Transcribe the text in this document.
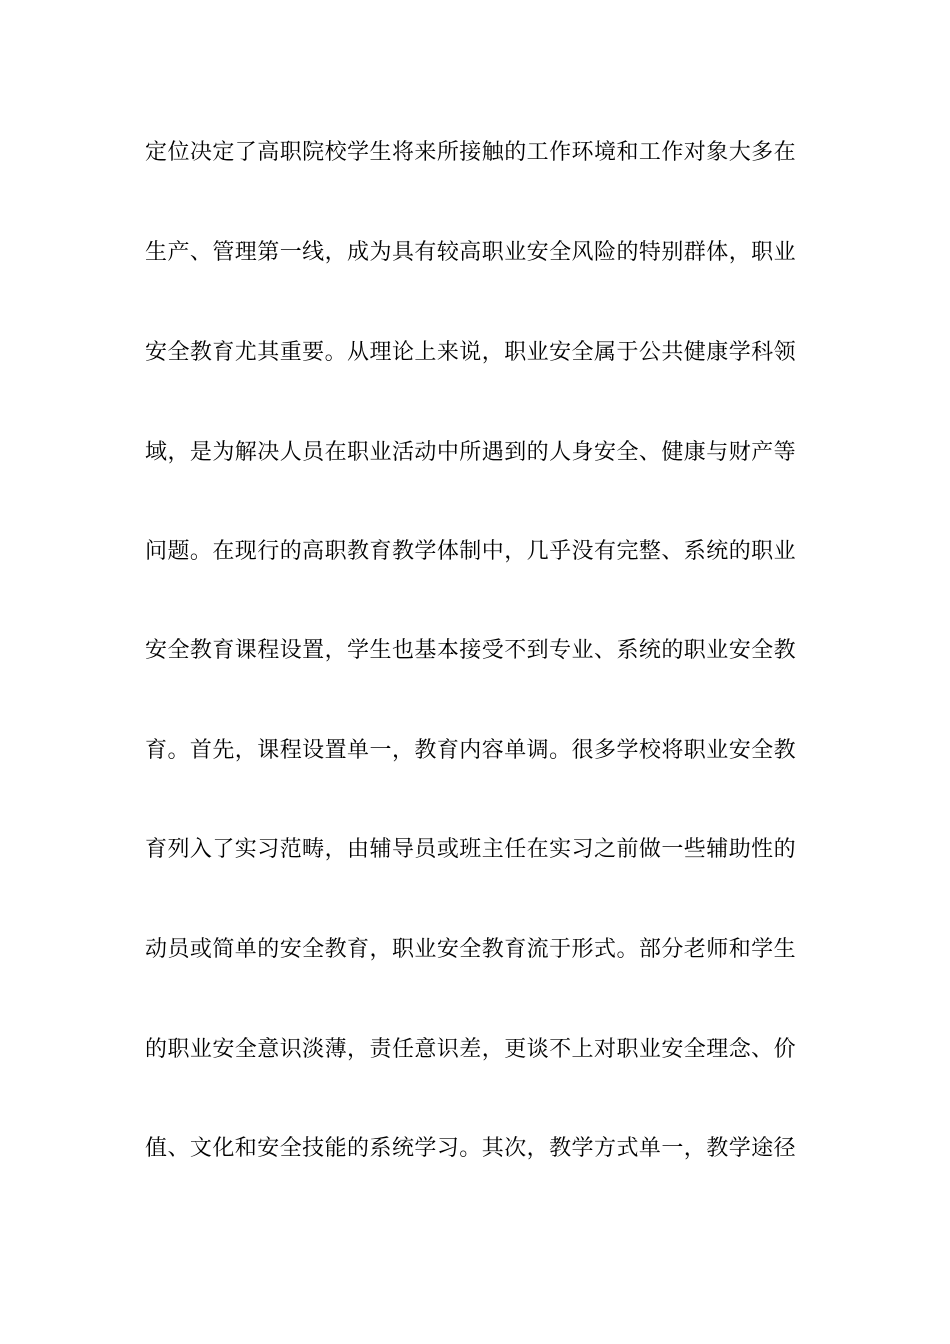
定位决定了高职院校学生将来所接触的工作环境和工作对象大多在
生产、管理第一线，成为具有较高职业安全风险的特别群体，职业
安全教育尤其重要。从理论上来说，职业安全属于公共健康学科领
域，是为解决人员在职业活动中所遇到的人身安全、健康与财产等
问题。在现行的高职教育教学体制中，几乎没有完整、系统的职业
安全教育课程设置，学生也基本接受不到专业、系统的职业安全教
育。首先，课程设置单一，教育内容单调。很多学校将职业安全教
育列入了实习范畴，由辅导员或班主任在实习之前做一些辅助性的
动员或简单的安全教育，职业安全教育流于形式。部分老师和学生
的职业安全意识淡薄，责任意识差，更谈不上对职业安全理念、价
值、文化和安全技能的系统学习。其次，教学方式单一，教学途径
